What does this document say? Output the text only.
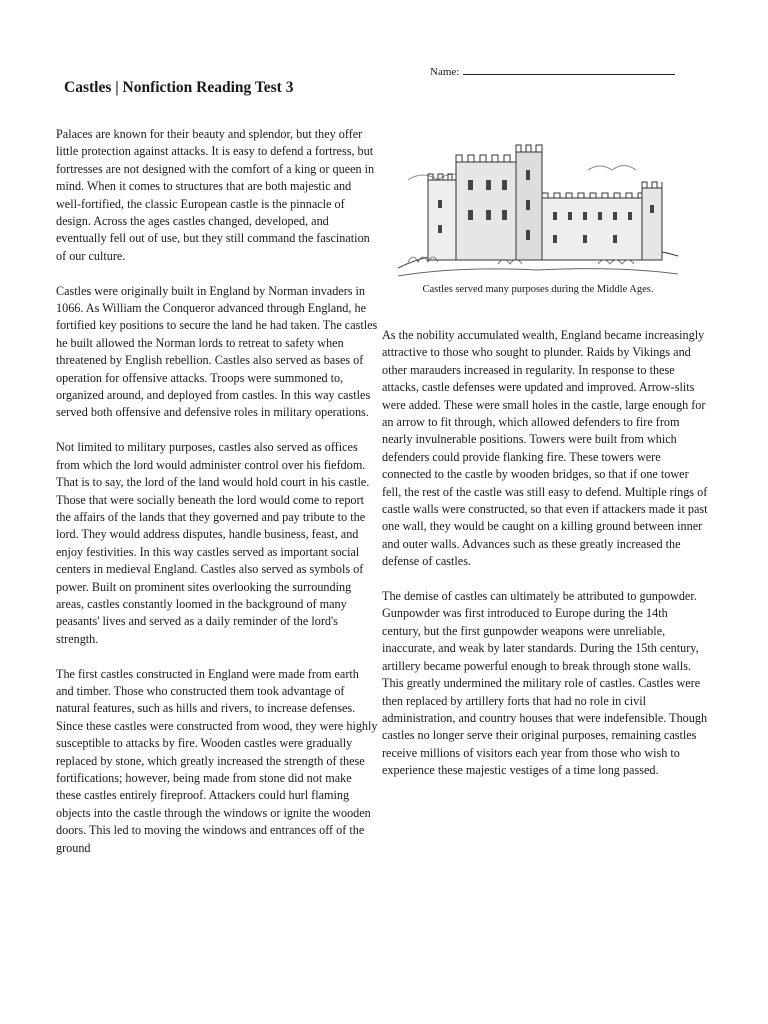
Name:
Castles | Nonfiction Reading Test 3

Palaces are known for their beauty and splendor, but they offer little protection against attacks. It is easy to defend a fortress, but fortresses are not designed with the comfort of a king or queen in mind. When it comes to structures that are both majestic and well-fortified, the classic European castle is the pinnacle of design. Across the ages castles changed, developed, and eventually fell out of use, but they still command the fascination of our culture.

Castles were originally built in England by Norman invaders in 1066. As William the Conqueror advanced through England, he fortified key positions to secure the land he had taken. The castles he built allowed the Norman lords to retreat to safety when threatened by English rebellion. Castles also served as bases of operation for offensive attacks. Troops were summoned to, organized around, and deployed from castles. In this way castles served both offensive and defensive roles in military operations.

Not limited to military purposes, castles also served as offices from which the lord would administer control over his fiefdom. That is to say, the lord of the land would hold court in his castle. Those that were socially beneath the lord would come to report the affairs of the lands that they governed and pay tribute to the lord. They would address disputes, handle business, feast, and enjoy festivities. In this way castles served as important social centers in medieval England. Castles also served as symbols of power. Built on prominent sites overlooking the surrounding areas, castles constantly loomed in the background of many peasants' lives and served as a daily reminder of the lord's strength.

The first castles constructed in England were made from earth and timber. Those who constructed them took advantage of natural features, such as hills and rivers, to increase defenses. Since these castles were constructed from wood, they were highly susceptible to attacks by fire. Wooden castles were gradually replaced by stone, which greatly increased the strength of these fortifications; however, being made from stone did not make these castles entirely fireproof. Attackers could hurl flaming objects into the castle through the windows or ignite the wooden doors. This led to moving the windows and entrances off of the ground

Castles served many purposes during the Middle Ages.

As the nobility accumulated wealth, England became increasingly attractive to those who sought to plunder. Raids by Vikings and other marauders increased in regularity. In response to these attacks, castle defenses were updated and improved. Arrow-slits were added. These were small holes in the castle, large enough for an arrow to fit through, which allowed defenders to fire from nearly invulnerable positions. Towers were built from which defenders could provide flanking fire. These towers were connected to the castle by wooden bridges, so that if one tower fell, the rest of the castle was still easy to defend. Multiple rings of castle walls were constructed, so that even if attackers made it past one wall, they would be caught on a killing ground between inner and outer walls. Advances such as these greatly increased the defense of castles.

The demise of castles can ultimately be attributed to gunpowder. Gunpowder was first introduced to Europe during the 14th century, but the first gunpowder weapons were unreliable, inaccurate, and weak by later standards. During the 15th century, artillery became powerful enough to break through stone walls. This greatly undermined the military role of castles. Castles were then replaced by artillery forts that had no role in civil administration, and country houses that were indefensible. Though castles no longer serve their original purposes, remaining castles receive millions of visitors each year from those who wish to experience these majestic vestiges of a time long passed.
